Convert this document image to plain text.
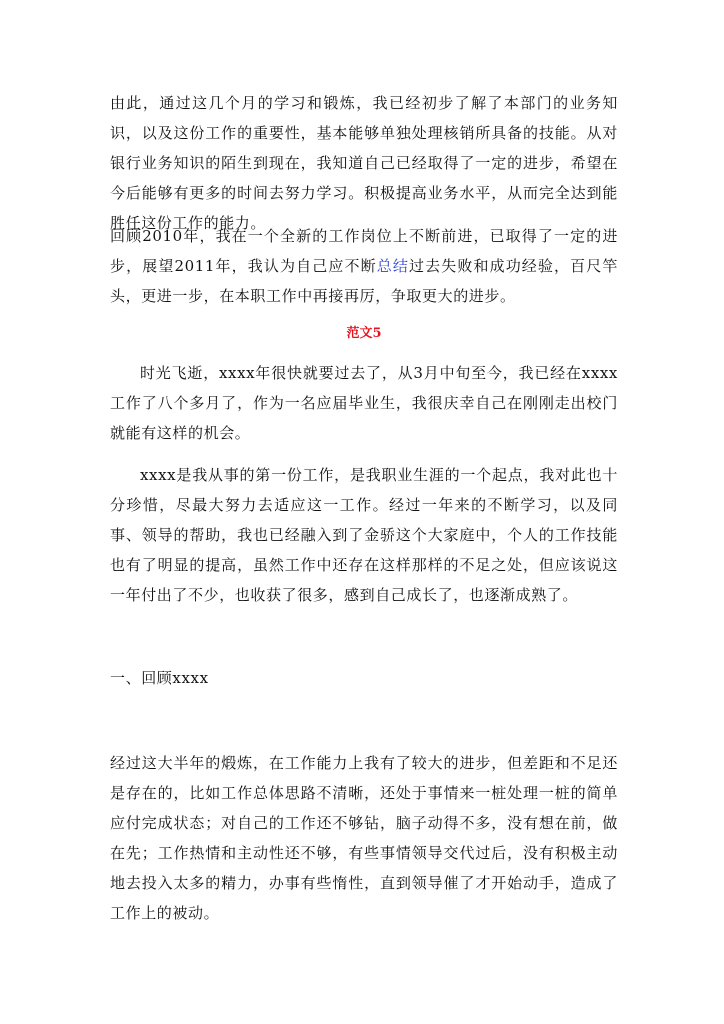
由此，通过这几个月的学习和锻炼，我已经初步了解了本部门的业务知识，以及这份工作的重要性，基本能够单独处理核销所具备的技能。从对银行业务知识的陌生到现在，我知道自己已经取得了一定的进步，希望在今后能够有更多的时间去努力学习。积极提高业务水平，从而完全达到能胜任这份工作的能力。

回顾2010年，我在一个全新的工作岗位上不断前进，已取得了一定的进步，展望2011年，我认为自己应不断总结过去失败和成功经验，百尺竿头，更进一步，在本职工作中再接再厉，争取更大的进步。

范文5

时光飞逝，xxxx年很快就要过去了，从3月中旬至今，我已经在xxxx工作了八个多月了，作为一名应届毕业生，我很庆幸自己在刚刚走出校门就能有这样的机会。

xxxx是我从事的第一份工作，是我职业生涯的一个起点，我对此也十分珍惜，尽最大努力去适应这一工作。经过一年来的不断学习，以及同事、领导的帮助，我也已经融入到了金骄这个大家庭中，个人的工作技能也有了明显的提高，虽然工作中还存在这样那样的不足之处，但应该说这一年付出了不少，也收获了很多，感到自己成长了，也逐渐成熟了。

一、回顾xxxx

经过这大半年的煅炼，在工作能力上我有了较大的进步，但差距和不足还是存在的，比如工作总体思路不清晰，还处于事情来一桩处理一桩的简单应付完成状态；对自己的工作还不够钻，脑子动得不多，没有想在前，做在先；工作热情和主动性还不够，有些事情领导交代过后，没有积极主动地去投入太多的精力，办事有些惰性，直到领导催了才开始动手，造成了工作上的被动。
